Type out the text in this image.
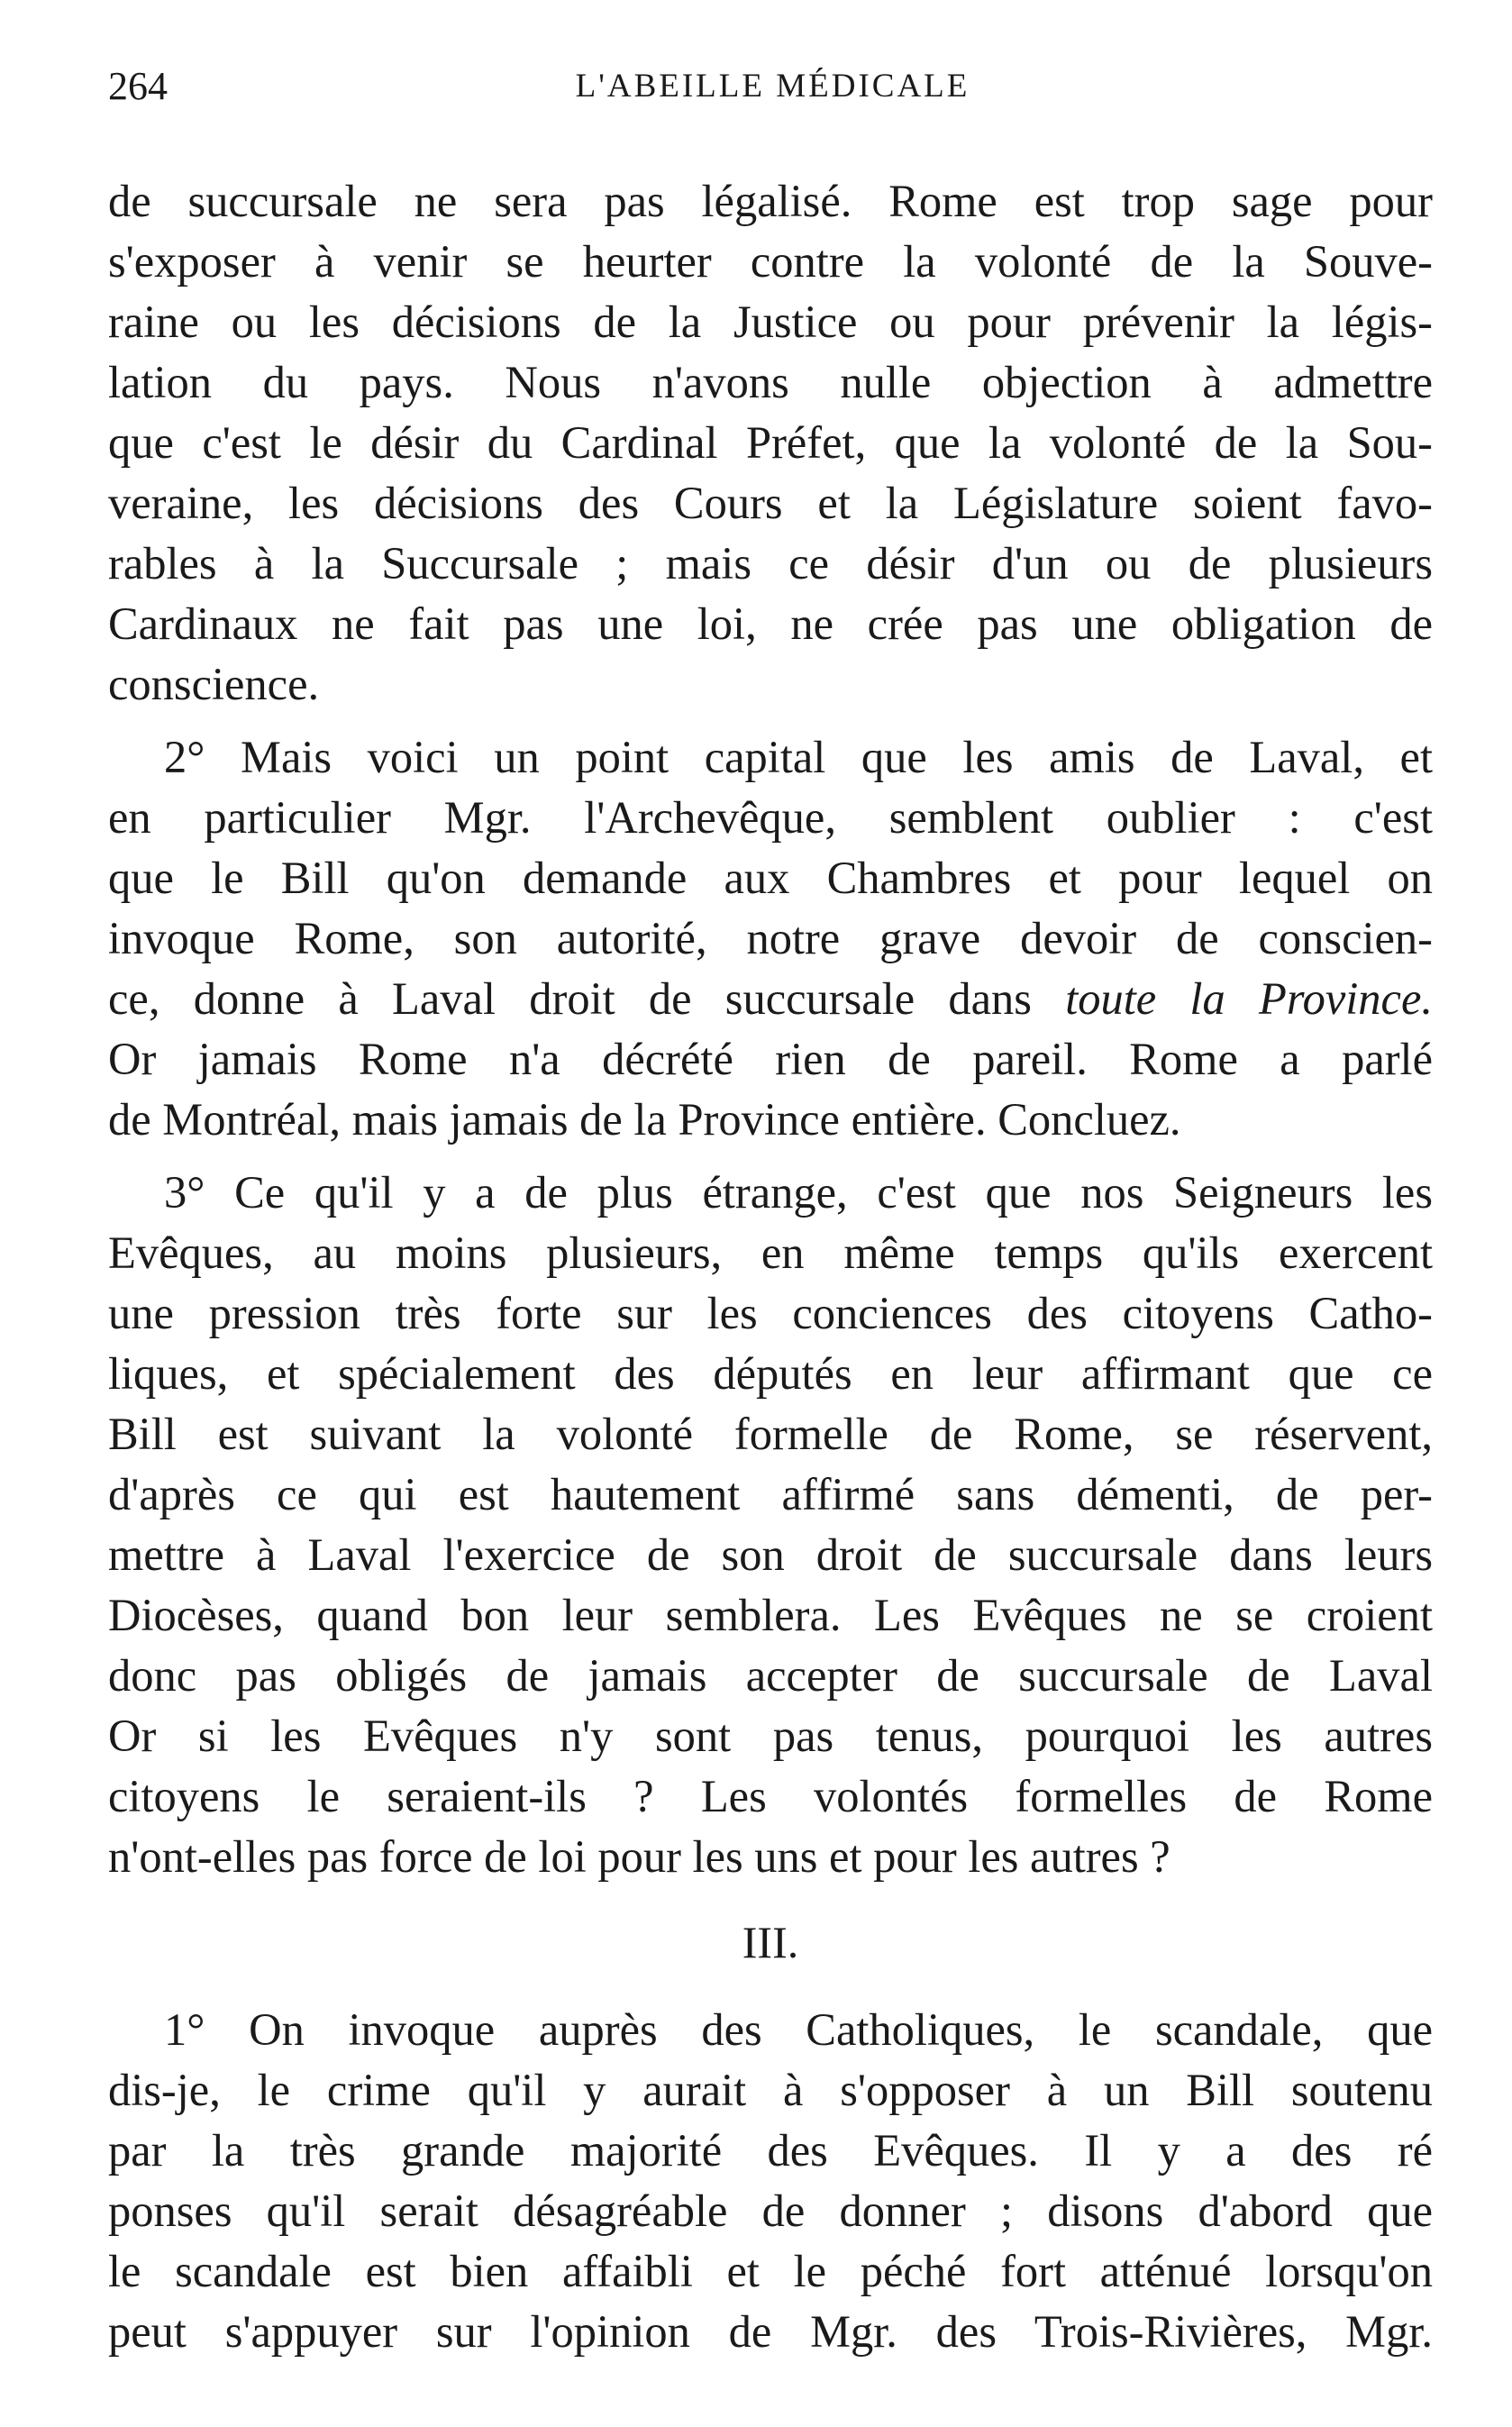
264	L'ABEILLE MÉDICALE

de succursale ne sera pas légalisé. Rome est trop sage pour
s'exposer à venir se heurter contre la volonté de la Souve-
raine ou les décisions de la Justice ou pour prévenir la légis-
lation du pays. Nous n'avons nulle objection à admettre
que c'est le désir du Cardinal Préfet, que la volonté de la Sou-
veraine, les décisions des Cours et la Législature soient favo-
rables à la Succursale ; mais ce désir d'un ou de plusieurs
Cardinaux ne fait pas une loi, ne crée pas une obligation de
conscience.

2° Mais voici un point capital que les amis de Laval, et
en particulier Mgr. l'Archevêque, semblent oublier : c'est
que le Bill qu'on demande aux Chambres et pour lequel on
invoque Rome, son autorité, notre grave devoir de conscien-
ce, donne à Laval droit de succursale dans toute la Province.
Or jamais Rome n'a décrété rien de pareil. Rome a parlé
de Montréal, mais jamais de la Province entière. Concluez.

3° Ce qu'il y a de plus étrange, c'est que nos Seigneurs les
Evêques, au moins plusieurs, en même temps qu'ils exercent
une pression très forte sur les conciences des citoyens Catho-
liques, et spécialement des députés en leur affirmant que ce
Bill est suivant la volonté formelle de Rome, se réservent,
d'après ce qui est hautement affirmé sans démenti, de per-
mettre à Laval l'exercice de son droit de succursale dans leurs
Diocèses, quand bon leur semblera. Les Evêques ne se croient
donc pas obligés de jamais accepter de succursale de Laval
Or si les Evêques n'y sont pas tenus, pourquoi les autres
citoyens le seraient-ils ? Les volontés formelles de Rome
n'ont-elles pas force de loi pour les uns et pour les autres ?

III.

1° On invoque auprès des Catholiques, le scandale, que
dis-je, le crime qu'il y aurait à s'opposer à un Bill soutenu
par la très grande majorité des Evêques. Il y a des ré
ponses qu'il serait désagréable de donner ; disons d'abord que
le scandale est bien affaibli et le péché fort atténué lorsqu'on
peut s'appuyer sur l'opinion de Mgr. des Trois-Rivières, Mgr.
